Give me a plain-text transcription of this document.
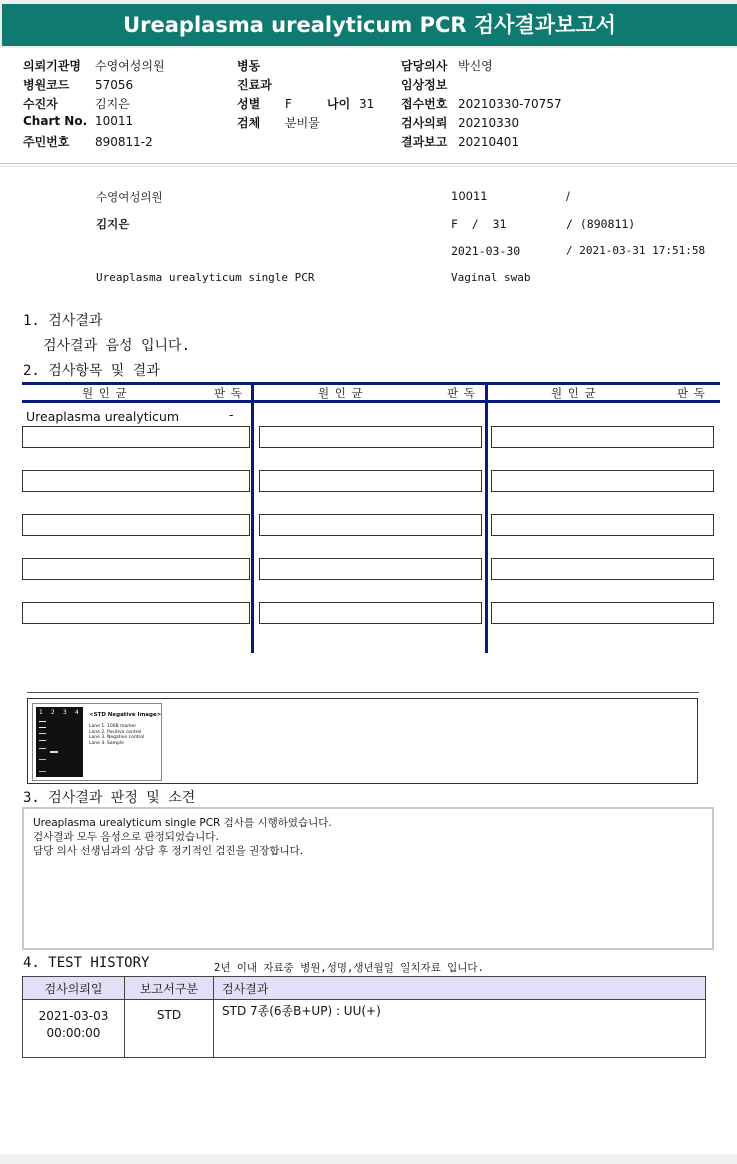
Ureaplasma urealyticum PCR 검사결과보고서
의뢰기관명 수영여성의원
병원코드 57056
수진자	김지은
Chart No. 10011
주민번호 890811-2
병동
진료과
성별 F	나이 31
검체 분비물
담당의사 박신영
임상정보
접수번호 20210330-70757
검사의뢰 20210330
결과보고 20210401
수영여성의원	10011	/
김지은	F  /  31	/ (890811)
2021-03-30	/ 2021-03-31 17:51:58
Ureaplasma urealyticum single PCR	Vaginal swab
1. 검사결과
검사결과 음성 입니다.
2. 검사항목 및 결과
원 인 균	판 독	원 인 균	판 독	원 인 균	판 독
Ureaplasma urealyticum	-
1 2 3 4 <STD Negative Image>
Lane 1. 100B marker
Lane 2. Positive control
Lane 3. Negative control
Lane 4. Sample
3. 검사결과 판정 및 소견
Ureaplasma urealyticum single PCR 검사를 시행하였습니다.
검사결과 모두 음성으로 판정되었습니다.
담당 의사 선생님과의 상담 후 정기적인 검진을 권장합니다.
4. TEST HISTORY	2년 이내 자료중 병원,성명,생년월일 일치자료 입니다.
검사의뢰일	보고서구분	검사결과

2021-03-03
00:00:00	STD	STD 7종(6종B+UP) : UU(+)
